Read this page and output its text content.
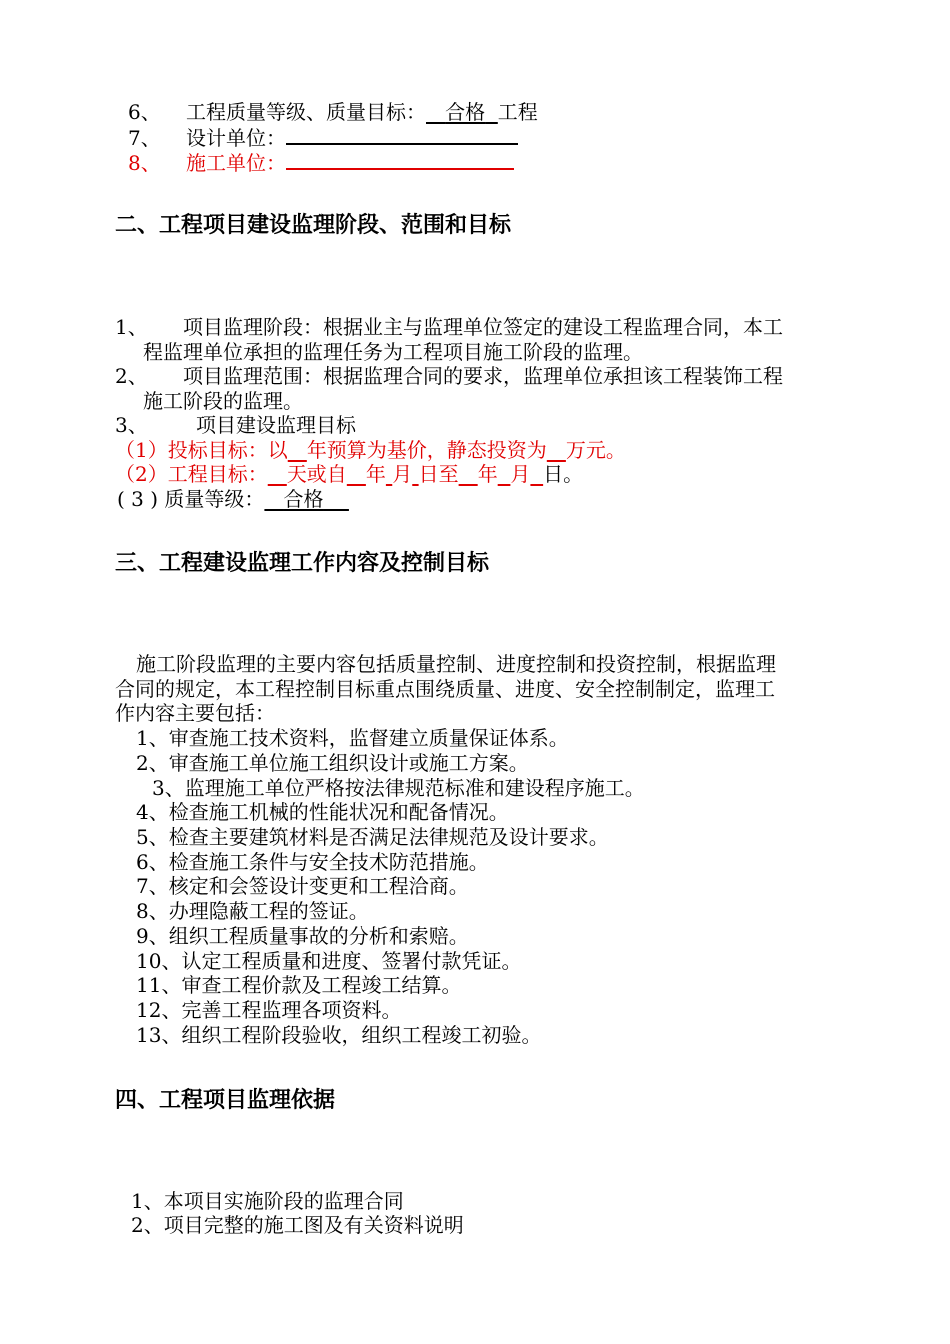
6、 工程质量等级、质量目标： 合格 工程
7、 设计单位：
8、 施工单位：
二、工程项目建设监理阶段、范围和目标
1、 项目监理阶段：根据业主与监理单位签定的建设工程监理合同，本工
程监理单位承担的监理任务为工程项目施工阶段的监理。
2、 项目监理范围：根据监理合同的要求，监理单位承担该工程装饰工程
施工阶段的监理。
3、 项目建设监理目标
（1）投标目标：以 年预算为基价，静态投资为 万元。
（2）工程目标： 天或自 年 月 日至 年 月 日。
( 3 ) 质量等级： 合格
三、工程建设监理工作内容及控制目标
施工阶段监理的主要内容包括质量控制、进度控制和投资控制，根据监理
合同的规定，本工程控制目标重点围绕质量、进度、安全控制制定，监理工
作内容主要包括：
1、审查施工技术资料，监督建立质量保证体系。
2、审查施工单位施工组织设计或施工方案。
3、监理施工单位严格按法律规范标准和建设程序施工。
4、检查施工机械的性能状况和配备情况。
5、检查主要建筑材料是否满足法律规范及设计要求。
6、检查施工条件与安全技术防范措施。
7、核定和会签设计变更和工程洽商。
8、办理隐蔽工程的签证。
9、组织工程质量事故的分析和索赔。
10、认定工程质量和进度、签署付款凭证。
11、审查工程价款及工程竣工结算。
12、完善工程监理各项资料。
13、组织工程阶段验收，组织工程竣工初验。
四、工程项目监理依据
1、本项目实施阶段的监理合同
2、项目完整的施工图及有关资料说明
